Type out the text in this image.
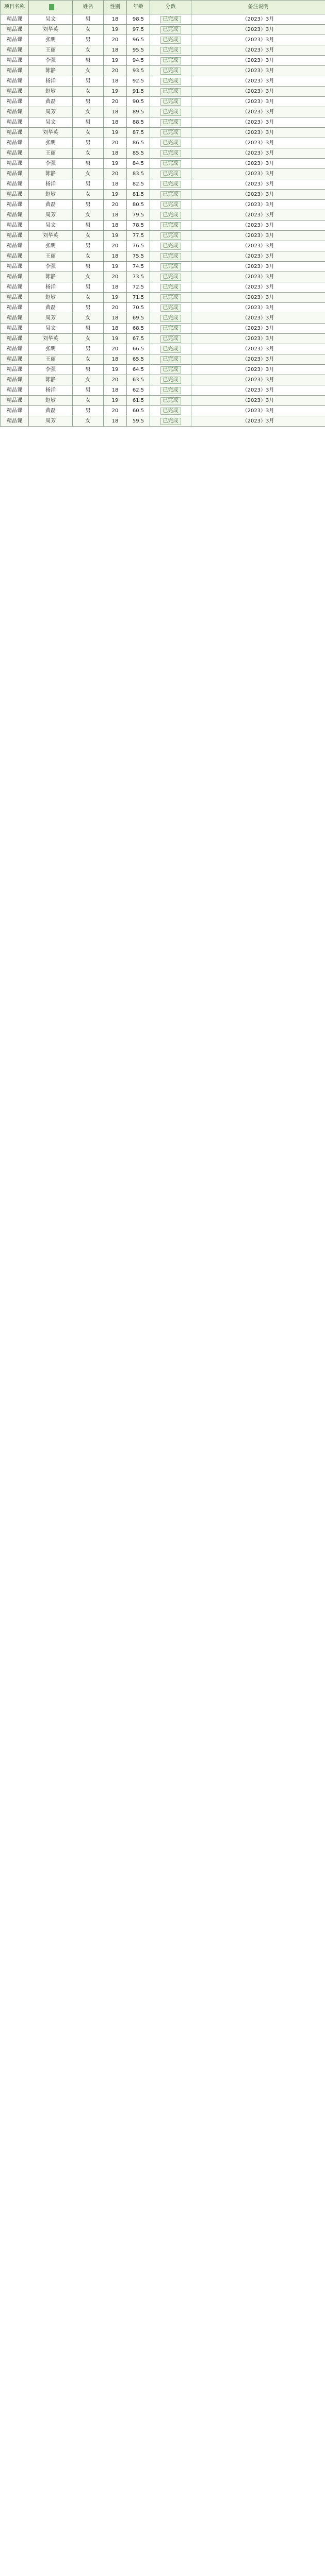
项目名称		姓名	性别	年龄	分数	备注说明
精品课	吴文	男	18	98.5	已完成	（2023）3月
精品课	刘华英	女	19	97.5	已完成	（2023）3月
精品课	张明	男	20	96.5	已完成	（2023）3月
精品课	王丽	女	18	95.5	已完成	（2023）3月
精品课	李强	男	19	94.5	已完成	（2023）3月
精品课	陈静	女	20	93.5	已完成	（2023）3月
精品课	杨洋	男	18	92.5	已完成	（2023）3月
精品课	赵敏	女	19	91.5	已完成	（2023）3月
精品课	黄磊	男	20	90.5	已完成	（2023）3月
精品课	周芳	女	18	89.5	已完成	（2023）3月
精品课	吴文	男	18	88.5	已完成	（2023）3月
精品课	刘华英	女	19	87.5	已完成	（2023）3月
精品课	张明	男	20	86.5	已完成	（2023）3月
精品课	王丽	女	18	85.5	已完成	（2023）3月
精品课	李强	男	19	84.5	已完成	（2023）3月
精品课	陈静	女	20	83.5	已完成	（2023）3月
精品课	杨洋	男	18	82.5	已完成	（2023）3月
精品课	赵敏	女	19	81.5	已完成	（2023）3月
精品课	黄磊	男	20	80.5	已完成	（2023）3月
精品课	周芳	女	18	79.5	已完成	（2023）3月
精品课	吴文	男	18	78.5	已完成	（2023）3月
精品课	刘华英	女	19	77.5	已完成	（2023）3月
精品课	张明	男	20	76.5	已完成	（2023）3月
精品课	王丽	女	18	75.5	已完成	（2023）3月
精品课	李强	男	19	74.5	已完成	（2023）3月
精品课	陈静	女	20	73.5	已完成	（2023）3月
精品课	杨洋	男	18	72.5	已完成	（2023）3月
精品课	赵敏	女	19	71.5	已完成	（2023）3月
精品课	黄磊	男	20	70.5	已完成	（2023）3月
精品课	周芳	女	18	69.5	已完成	（2023）3月
精品课	吴文	男	18	68.5	已完成	（2023）3月
精品课	刘华英	女	19	67.5	已完成	（2023）3月
精品课	张明	男	20	66.5	已完成	（2023）3月
精品课	王丽	女	18	65.5	已完成	（2023）3月
精品课	李强	男	19	64.5	已完成	（2023）3月
精品课	陈静	女	20	63.5	已完成	（2023）3月
精品课	杨洋	男	18	62.5	已完成	（2023）3月
精品课	赵敏	女	19	61.5	已完成	（2023）3月
精品课	黄磊	男	20	60.5	已完成	（2023）3月
精品课	周芳	女	18	59.5	已完成	（2023）3月
